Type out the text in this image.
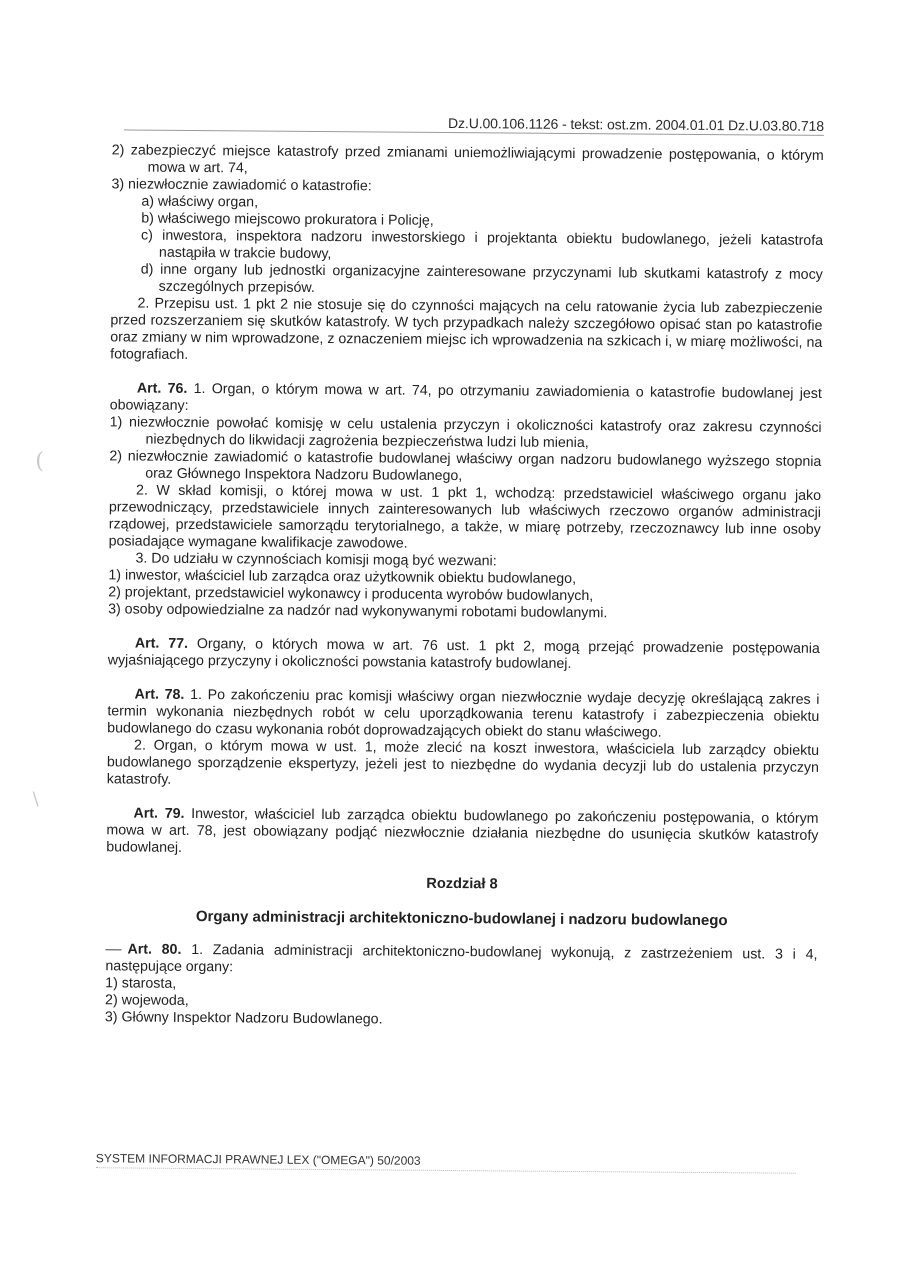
Dz.U.00.106.1126 - tekst: ost.zm. 2004.01.01 Dz.U.03.80.718
(
\

2) zabezpieczyć miejsce katastrofy przed zmianami uniemożliwiającymi prowadzenie postępowania, o którym mowa w art. 74,

3) niezwłocznie zawiadomić o katastrofie:

a) właściwy organ,

b) właściwego miejscowo prokuratora i Policję,

c) inwestora, inspektora nadzoru inwestorskiego i projektanta obiektu budowlanego, jeżeli katastrofa nastąpiła w trakcie budowy,

d) inne organy lub jednostki organizacyjne zainteresowane przyczynami lub skutkami katastrofy z mocy szczególnych przepisów.

2. Przepisu ust. 1 pkt 2 nie stosuje się do czynności mających na celu ratowanie życia lub zabezpieczenie przed rozszerzaniem się skutków katastrofy. W tych przypadkach należy szczegółowo opisać stan po katastrofie oraz zmiany w nim wprowadzone, z oznaczeniem miejsc ich wprowadzenia na szkicach i, w miarę możliwości, na fotografiach.

Art. 76. 1. Organ, o którym mowa w art. 74, po otrzymaniu zawiadomienia o katastrofie budowlanej jest obowiązany:

1) niezwłocznie powołać komisję w celu ustalenia przyczyn i okoliczności katastrofy oraz zakresu czynności niezbędnych do likwidacji zagrożenia bezpieczeństwa ludzi lub mienia,

2) niezwłocznie zawiadomić o katastrofie budowlanej właściwy organ nadzoru budowlanego wyższego stopnia oraz Głównego Inspektora Nadzoru Budowlanego,

2. W skład komisji, o której mowa w ust. 1 pkt 1, wchodzą: przedstawiciel właściwego organu jako przewodniczący, przedstawiciele innych zainteresowanych lub właściwych rzeczowo organów administracji rządowej, przedstawiciele samorządu terytorialnego, a także, w miarę potrzeby, rzeczoznawcy lub inne osoby posiadające wymagane kwalifikacje zawodowe.

3. Do udziału w czynnościach komisji mogą być wezwani:

1) inwestor, właściciel lub zarządca oraz użytkownik obiektu budowlanego,

2) projektant, przedstawiciel wykonawcy i producenta wyrobów budowlanych,

3) osoby odpowiedzialne za nadzór nad wykonywanymi robotami budowlanymi.

Art. 77. Organy, o których mowa w art. 76 ust. 1 pkt 2, mogą przejąć prowadzenie postępowania wyjaśniającego przyczyny i okoliczności powstania katastrofy budowlanej.

Art. 78. 1. Po zakończeniu prac komisji właściwy organ niezwłocznie wydaje decyzję określającą zakres i termin wykonania niezbędnych robót w celu uporządkowania terenu katastrofy i zabezpieczenia obiektu budowlanego do czasu wykonania robót doprowadzających obiekt do stanu właściwego.

2. Organ, o którym mowa w ust. 1, może zlecić na koszt inwestora, właściciela lub zarządcy obiektu budowlanego sporządzenie ekspertyzy, jeżeli jest to niezbędne do wydania decyzji lub do ustalenia przyczyn katastrofy.

Art. 79. Inwestor, właściciel lub zarządca obiektu budowlanego po zakończeniu postępowania, o którym mowa w art. 78, jest obowiązany podjąć niezwłocznie działania niezbędne do usunięcia skutków katastrofy budowlanej.

Rozdział 8

Organy administracji architektoniczno-budowlanej i nadzoru budowlanego

Art. 80. 1. Zadania administracji architektoniczno-budowlanej wykonują, z zastrzeżeniem ust. 3 i 4, następujące organy:

1) starosta,

2) wojewoda,

3) Główny Inspektor Nadzoru Budowlanego.

SYSTEM INFORMACJI PRAWNEJ LEX ("OMEGA") 50/2003
